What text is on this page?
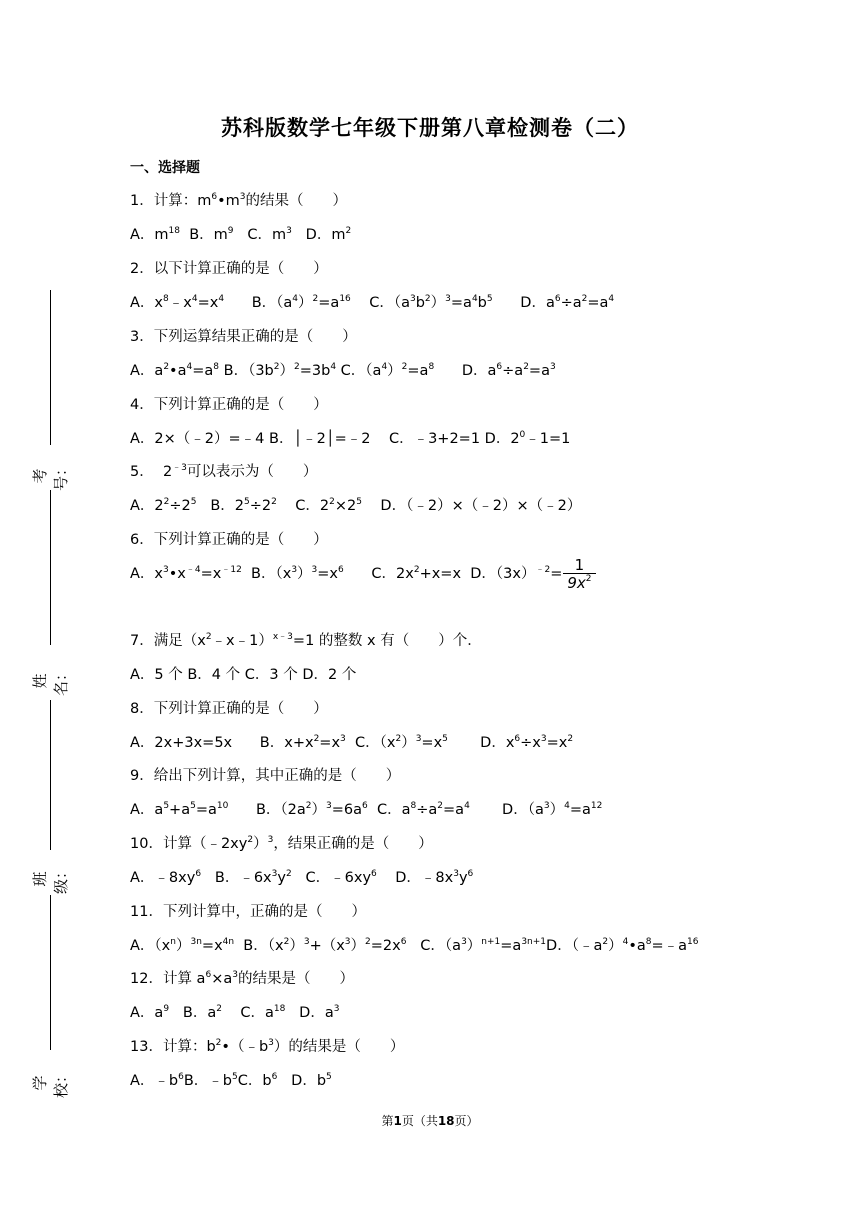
苏科版数学七年级下册第八章检测卷（二）
一、选择题
1．计算：$m^6•m^3$的结果（　　）
A．$m^{18}$  B．$m^9$   C．$m^3$   D．$m^2$
2．以下计算正确的是（　　）
A．$x^8﹣x^4=x^4$      B．$(a^4)^2=a^{16}$    C．$(a^3b^2)^3=a^4b^5$      D．$a^6\div a^2=a^4$
3．下列运算结果正确的是（　　）
A．$a^2•a^4=a^8$ B．$(3b^2)^2=3b^4$ C．$(a^4)^2=a^8$      D．$a^6\div a^2=a^3$
4．下列计算正确的是（　　）
A．2×（﹣2）=﹣4 B．│﹣2│=﹣2    C．﹣3+2=1 D．$2^0﹣1=1$
5．  $2^{﹣3}$可以表示为（　　）
A．$2^2\div 2^5$   B．$2^5\div 2^2$    C．$2^2\times 2^5$    D．（﹣2）×（﹣2）×（﹣2）
6．下列计算正确的是（　　）
A．$x^3•x^{﹣4}=x^{﹣12}$  B．$(x^3)^3=x^6$      C．$2x^2+x=x$  D．$(3x)^{﹣2}= \frac{1}{9x^2}$
7．满足$(x^2﹣x﹣1)^{x﹣3}=1$ 的整数 x 有（　　）个．
A．5 个 B．4 个 C．3 个 D．2 个
8．下列计算正确的是（　　）
A．2x+3x=5x      B．$x+x^2=x^3$  C．$(x^2)^3=x^5$       D．$x^6\div x^3=x^2$
9．给出下列计算，其中正确的是（　　）
A．$a^5+a^5=a^{10}$      B．$(2a^2)^3=6a^6$  C．$a^8\div a^2=a^4$       D．$(a^3)^4=a^{12}$
10．计算$(﹣2xy^2)^3$，结果正确的是（　　）
A．$﹣8xy^6$   B．$﹣6x^3y^2$   C．$﹣6xy^6$    D．$﹣8x^3y^6$
11．下列计算中，正确的是（　　）
A．$(x^n)^{3n}=x^{4n}$  B．$(x^2)^3+(x^3)^2=2x^6$   C．$(a^3)^{n+1}=a^{3n+1}D$．$(﹣a^2)^4•a^8=﹣a^{16}$
12．计算 $a^6\times a^3$的结果是（　　）
A．$a^9$   B．$a^2$    C．$a^{18}$   D．$a^3$
13．计算：$b^2•(﹣b^3)$的结果是（　　）
A．$﹣b^6B$．$﹣b^5C$．$b^6$   D．$b^5$
考号：
姓名：
班级：
学校：
第1页（共18页）
